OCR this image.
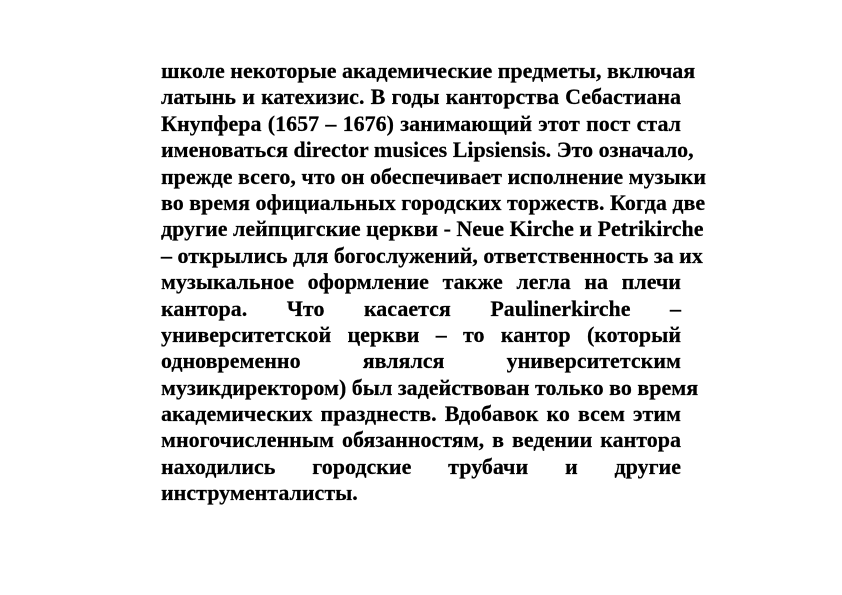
школе некоторые академические предметы, включая
латынь и катехизис. В годы канторства Себастиана
Кнупфера (1657 – 1676) занимающий этот пост стал
именоваться director musices Lipsiensis. Это означало,
прежде всего, что он обеспечивает исполнение музыки
во время официальных городских торжеств. Когда две
другие лейпцигские церкви - Neue Kirche и Petrikirche
– открылись для богослужений, ответственность за их
музыкальное оформление также легла на плечи
кантора. Что касается Paulinerkirche –
университетской церкви – то кантор (который
одновременно являлся университетским
музикдиректором) был задействован только во время
академических празднеств. Вдобавок ко всем этим
многочисленным обязанностям, в ведении кантора
находились городские трубачи и другие
инструменталисты.
